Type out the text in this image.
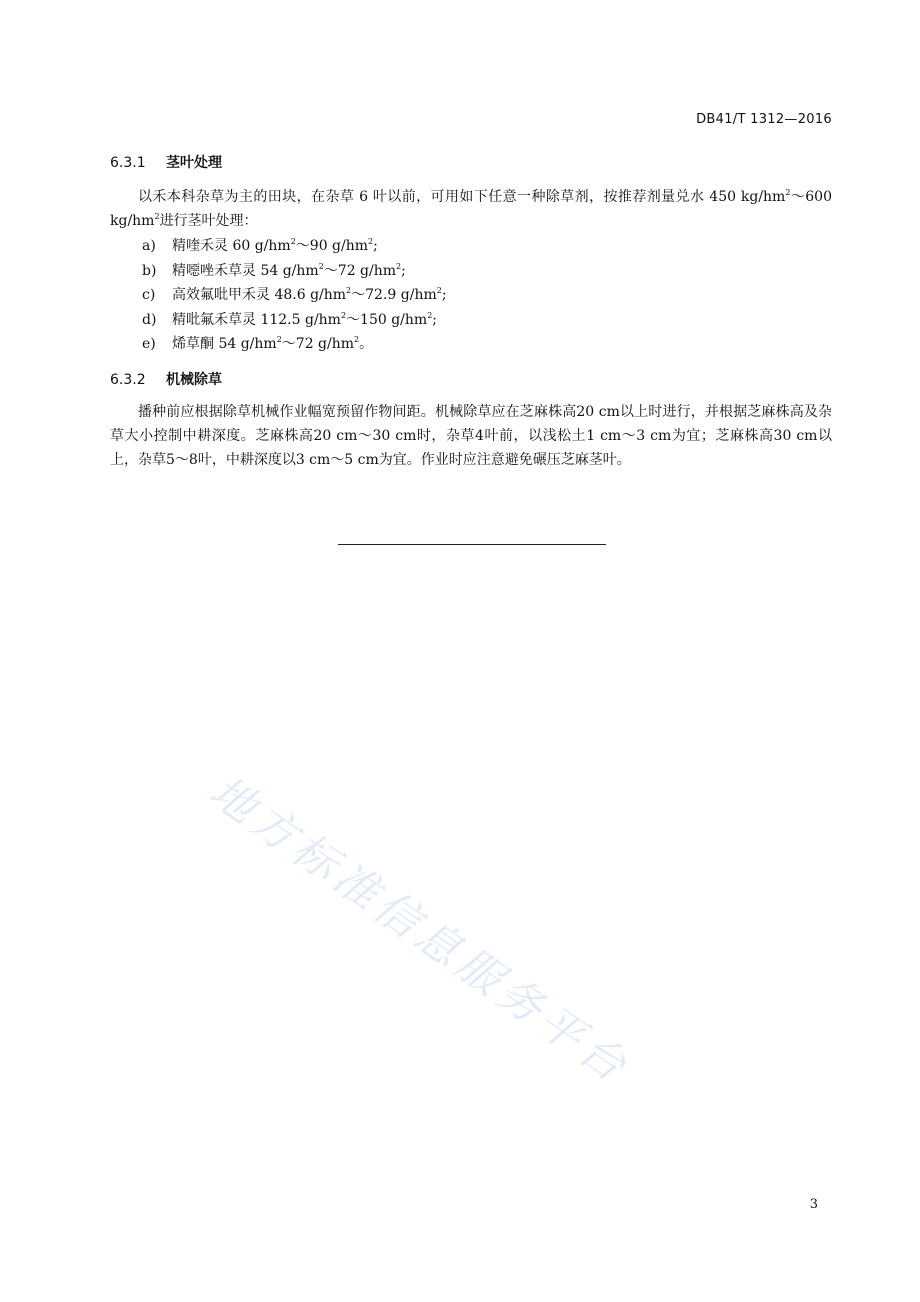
DB41/T 1312—2016
6.3.1 茎叶处理

以禾本科杂草为主的田块，在杂草 6 叶以前，可用如下任意一种除草剂，按推荐剂量兑水 450 $kg/hm^2\sim 600$ $kg/hm^2$进行茎叶处理：

a) 精喹禾灵 60 $g/hm^2\sim 90$ $g/hm^2$;
b) 精噁唑禾草灵 54 $g/hm^2\sim 72$ $g/hm^2$;
c) 高效氟吡甲禾灵 48.6 $g/hm^2\sim 72.9$ $g/hm^2$;
d) 精吡氟禾草灵 112.5 $g/hm^2\sim 150$ $g/hm^2$;
e) 烯草酮 54 $g/hm^2\sim 72$ $g/hm^2$。
6.3.2 机械除草

播种前应根据除草机械作业幅宽预留作物间距。机械除草应在芝麻株高20 cm以上时进行，并根据芝麻株高及杂草大小控制中耕深度。芝麻株高20 cm～30 cm时，杂草4叶前，以浅松土1 cm～3 cm为宜；芝麻株高30 cm以上，杂草5～8叶，中耕深度以3 cm～5 cm为宜。作业时应注意避免碾压芝麻茎叶。

地方标准信息服务平台
3
